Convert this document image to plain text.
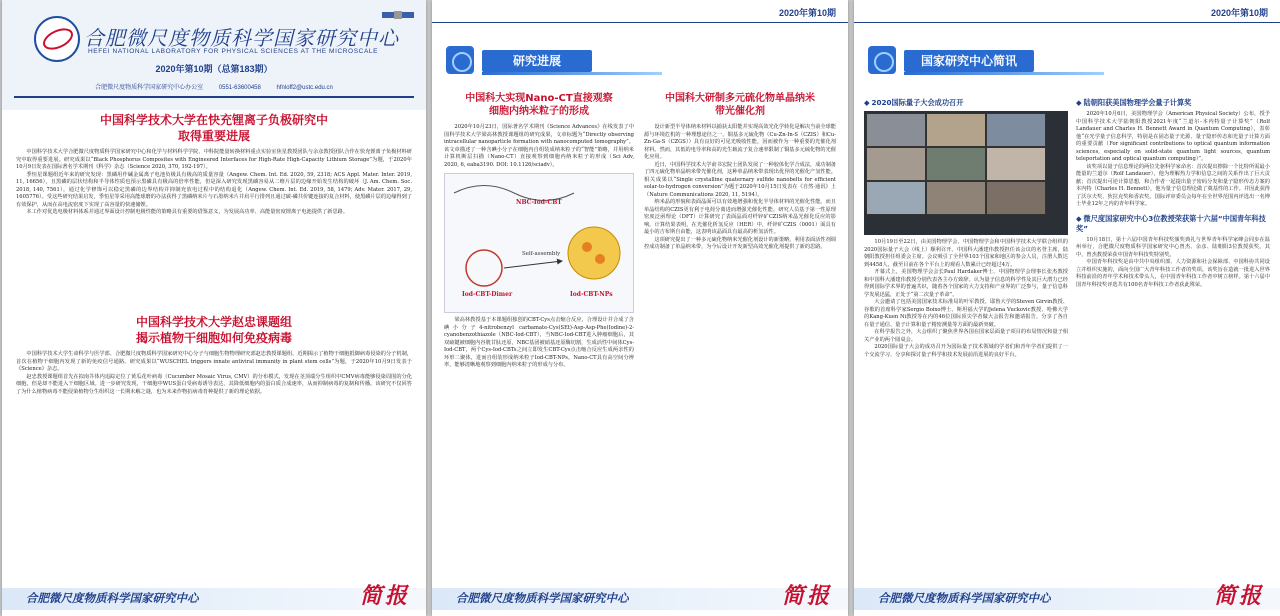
合肥微尺度物质科学国家研究中心
HEFEI NATIONAL LABORATORY FOR PHYSICAL SCIENCES AT THE MICROSCALE
2020年第10期（总第183期）
合肥微尺度物质科学国家研究中心办公室	0551-63600458	hfnloff2@ustc.edu.cn

中国科学技术大学在快充锂离子负极研究中

取得重要进展

中国科学技术大学合肥微尺度物质科学国家研究中心和化学与材料科学学院、中科院能量转换材料重点实验室焦星教授团队与余彦教授团队合作在快充锂离子负极材料研究中取得重要进展。研究成果以“Black Phosphorus Composites with Engineered Interfaces for High-Rate High-Capacity Lithium Storage”为题，于2020年10月9日发表在国际著名学术期刊《科学》杂志（Science 2020, 370, 192-197）。

季恒星课题组近年来的研究发现：黑磷用作碱金属离子电池负极具有极高的质量容量（Angew. Chem. Int. Ed. 2020, 59, 2318; ACS Appl. Mater. Inter. 2019, 11, 16656），且黑磷的层状结构和半导体性质也预示黑磷具有极高的倍率性能，但是深入研究发现黑磷容易从二维片层的边缘开始发生结构的破坏（J. Am. Chem. Soc. 2018, 140, 7561），通过化学修饰可以稳定黑磷的边界结构并抑制充放电过程中的结构退化（Angew. Chem. Int. Ed. 2019, 58, 1479; Adv. Mater. 2017, 29, 1605776）。受这些研究结果启发，季恒星等采用高能球磨的办法获得了黑磷纳米片与石墨纳米片并肩平行排列且通过碳-磷共价键连接的复合材料，使黑磷片层的边缘得到了有效保护，从而在高电流密度下实现了高容量的快速储锂。

本工作对优选电极材料体系并通过界面设计控制电极性能的策略具有重要的借鉴意义，为发展高功率、高能量密度锂离子电池提供了新思路。

中国科学技术大学赵忠课题组

揭示植物干细胞如何免疫病毒

中国科学技术大学生命科学与医学部、合肥微尺度物质科学国家研究中心分子与细胞生物物理研究部赵忠教授课题组，近期揭示了植物干细胞抵御病毒侵染的分子机制，首次在植物干细胞内发现了新的免疫信号通路。研究成果以“WUSCHEL triggers innate antiviral immunity in plant stem cells”为题，于2020年10月9日发表于《Science》杂志。

赵忠教授课题组首先在拟南芥体内追踪定位了黄瓜花叶病毒（Cucumber Mosaic Virus, CMV）的分布模式，发现在茎顶端分生组织中CMV病毒能够侵染周围的分化细胞，但是却不能进入干细胞区域。进一步研究发现，干细胞中WUS蛋白受病毒诱导表达，其降低细胞内的蛋白质合成速率，从而抑制病毒的复制和传播。该研究不仅回答了为什么植物病毒不能侵染植物分生组织这一长期未解之谜，也为未来作物抗病毒育种提供了新的理论依据。

合肥微尺度物质科学国家研究中心	简报
2020年第10期
研究进展

中国科大实现Nano-CT直接观察

细胞内纳米粒子的形成

2020年10月23日，国际著名学术期刊《Science Advances》在线发表了中国科学技术大学梁高林教授课题组的研究成果，文章标题为“Directly observing intracellular nanoparticle formation with nanocomputed tomography”。该文章描述了一种含碘小分子在细胞内自组装成纳米粒子的“智能”策略，并用纳米计算机断层扫描（Nano-CT）直接观察到细胞内纳米粒子的形成（Sci Adv, 2020, 6, eaba3190. DOI: 10.1126/sciadv）。

NBC-Iod-CBT
Iod-CBT-Dimer	Iod-CBT-NPs
Self-assembly

梁高林教授基于本课题组独创的CBT-Cys点击缩合反应，合理设计并合成了含碘小分子4-nitrobenzyl carbamate-Cys(SEt)-Asp-Asp-Phe(Iodine)-2-cyanobenzothiazole（NBC-Iod-CBT），当NBC-Iod-CBT进入肿瘤细胞后，其双硫键被细胞内谷胱甘肽还原，NBC基团被硝基还原酶切割，生成活性中间体Cys-Iod-CBT，两个Cys-Iod-CBTs之间立即发生CBT-Cys点击缩合反应生成两亲性的环形二聚体，进而自组装形成纳米粒子Iod-CBT-NPs。Nano-CT具有高空间分辨率，能够清晰地观察到细胞内纳米粒子的形成与分布。

中国科大研制多元硫化物单晶纳米

带光催化剂

设计新型半导体纳米材料以捕获太阳能并实现高效光化学转化是解决当前全球能源与环境危机的一种理想途径之一。铜基多元硫化物（Cu-Zn-In-S（CZIS）和Cu-Zn-Ga-S（CZGS））具有良好的可见光吸收性能，因而被作为一种重要的光催化剂材料。然而，其低的电导率和高的光生载流子复合速率限制了铜基多元硫化物的光催化应用。

近日，中国科学技术大学俞书宏院士团队发展了一种胶体化学合成法，成功制备了四元硫化物单晶纳米带光催化剂，这种单晶纳米带表现出优异的光催化产氢性能。相关成果以“Single crystalline quaternary sulfide nanobelts for efficient solar-to-hydrogen conversion”为题于2020年10月15日发表在《自然·通讯》上（Nature Communications 2020, 11, 5194）。

纳米晶的形貌和表面晶面可以有效地增强和优化半导体材料的光催化性能。而且单晶结构的CZIS更有利于电荷分离进而增强光催化性能。研究人员基于第一性原理密度泛函理论（DFT）计算研究了表面晶面对纤锌矿CZIS纳米晶光催化反应的影响。计算结果表明，在光催化析氢反应（HER）中，纤锌矿CZIS（0001）面具有最小的吉布斯自由能，这表明该晶面具有最高的析氢活性。

这项研究提出了一种多元硫化物纳米光催化剂设计的新策略，利用表面活性剂调控成功制备了单晶纳米带，为今后设计开发新型高效光催化剂提供了新的思路。

合肥微尺度物质科学国家研究中心	简报
2020年第10期
国家研究中心简讯

◆ 2020国际量子大会成功召开

10月19日至22日，由美国物理学会、中国物理学会和中国科学技术大学联合组织的2020国际量子大会（线上）顺利召开。中国科大潘建伟教授担任该会议的名誉主席，陆朝阳教授担任组委会主席。会议吸引了全世界103个国家和地区的参会人员，注册人数达到4458人，截至目前在各个平台上的观看人数累计已经超过4万。

开幕式上，美国物理学会会长Paul Hardaker博士、中国物理学会理事长张杰教授和中国科大潘建伟教授分别代表各主办方致辞。认为量子信息的科学性及其巨大潜力已经得到国际学术界的普遍共识，随着各个国家的大力支持和产业界的广泛参与，量子信息科学发展迅猛，正处于“第二次量子革命”。

大会邀请了包括美国国家技术标准局的叶军教授、耶鲁大学的Steven Girvin教授、谷歌的首席科学家Sergio Boixo博士、斯坦福大学的Jelena Vuckovic教授、哈佛大学的Kang-Kuen Ni教授等在内的46位国际顶尖学者做大会报告和邀请报告，分享了各自在量子通信、量子计算和量子精密测量等方面的最新突破。

在科学报告之外，大会组织了聚焦世界各国在国家层面量子项目的布局情况和量子相关产业的两个圆桌会。

2020国际量子大会的成功召开为国际量子技术领域的学者们和青年学者们提供了一个交流学习、分享和探讨量子科学和技术发展前沿进展的良好平台。

◆ 陆朝阳获美国物理学会量子计算奖

2020年10月6日，美国物理学会（American Physical Society）公布，授予中国科学技术大学陆朝阳教授2021年度“兰道尔-本内特量子计算奖”（Rolf Landauer and Charles H. Bennett Award in Quantum Computing），表彰他“在光学量子信息科学，特别是在固态量子光源、量子隐形传态和光量子计算方面的重要贡献（For significant contributions to optical quantum information sciences, especially on solid-state quantum light sources, quantum teleportation and optical quantum computing）”。

该奖项以量子信息理论的两位先驱科学家命名：首次提出擦除一个比特所需最小能量的兰道尔（Rolf Landauer），他为理解热力学和信息之间的关系作出了巨大贡献；首次提出可逆计算思想，和合作者一起提出量子密码分发和量子隐形传态方案的本内特（Charles H. Bennett），他为量子信息理论做了奠基性的工作。并因此获得了沃尔夫奖、狄拉克奖和香农奖。国际评审委员会每年在全世界范围内评选出一名博士毕业12年之内的青年科学家。

◆ 微尺度国家研究中心3位教授荣获第十六届“中国青年科技奖”

10月18日，第十六届中国青年科技奖颁奖典礼与世界青年科学家峰会同步在温州举行，合肥微尺度物质科学国家研究中心曾杰、余彦、陆朝阳3位教授获奖。其中，曾杰教授荣获中国青年科技奖特别奖。

中国青年科技奖是由中共中央组织部、人力资源和社会保障部、中国科协共同设立并组织实施的，面向全国广大青年科技工作者的奖项。该奖旨在造就一批进入世界科技前沿的青年学术和技术带头人，在中国青年科技工作者中树立榜样。第十六届中国青年科技奖评选共有100名青年科技工作者获此殊荣。

合肥微尺度物质科学国家研究中心	简报
